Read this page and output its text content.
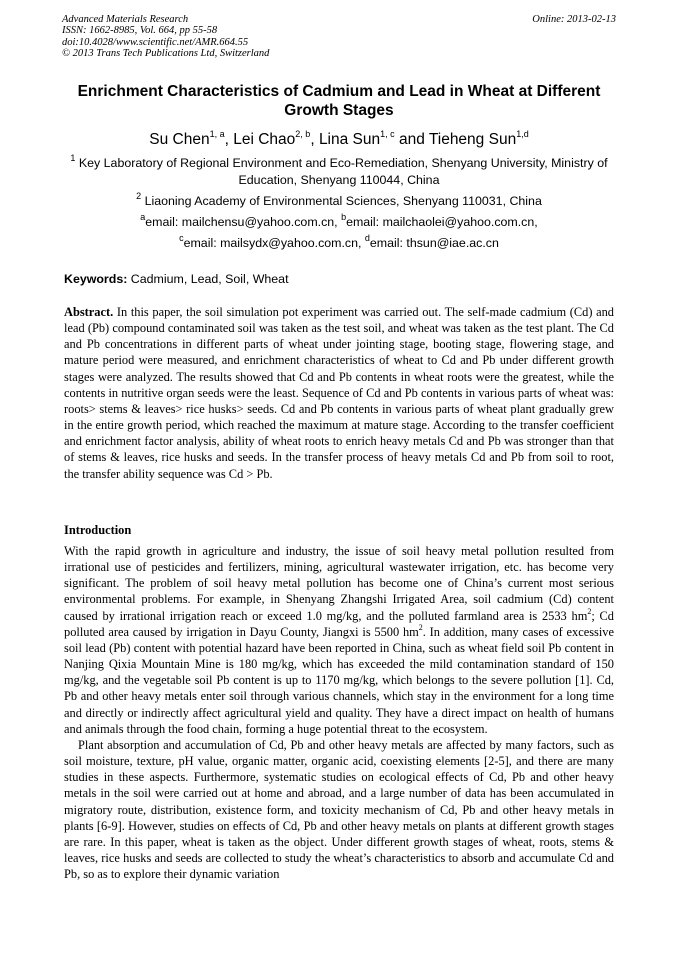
Advanced Materials Research
ISSN: 1662-8985, Vol. 664, pp 55-58
doi:10.4028/www.scientific.net/AMR.664.55
© 2013 Trans Tech Publications Ltd, Switzerland
Online: 2013-02-13
Enrichment Characteristics of Cadmium and Lead in Wheat at Different
Growth Stages
Su Chen$^{1, a}$, Lei Chao$^{2, b}$, Lina Sun$^{1, c}$ and Tieheng Sun$^{1,d}$
$^1$ Key Laboratory of Regional Environment and Eco-Remediation, Shenyang University, Ministry of
Education, Shenyang 110044, China
$^2$ Liaoning Academy of Environmental Sciences, Shenyang 110031, China
$^a$email: mailchensu@yahoo.com.cn, $^b$email: mailchaolei@yahoo.com.cn,
$^c$email: mailsydx@yahoo.com.cn, $^d$email: thsun@iae.ac.cn
Keywords: Cadmium, Lead, Soil, Wheat

Abstract. In this paper, the soil simulation pot experiment was carried out. The self-made cadmium (Cd) and lead (Pb) compound contaminated soil was taken as the test soil, and wheat was taken as the test plant. The Cd and Pb concentrations in different parts of wheat under jointing stage, booting stage, flowering stage, and mature period were measured, and enrichment characteristics of wheat to Cd and Pb under different growth stages were analyzed. The results showed that Cd and Pb contents in wheat roots were the greatest, while the contents in nutritive organ seeds were the least. Sequence of Cd and Pb contents in various parts of wheat was: roots> stems & leaves> rice husks> seeds. Cd and Pb contents in various parts of wheat plant gradually grew in the entire growth period, which reached the maximum at mature stage. According to the transfer coefficient and enrichment factor analysis, ability of wheat roots to enrich heavy metals Cd and Pb was stronger than that of stems & leaves, rice husks and seeds. In the transfer process of heavy metals Cd and Pb from soil to root, the transfer ability sequence was Cd > Pb.

Introduction

With the rapid growth in agriculture and industry, the issue of soil heavy metal pollution resulted from irrational use of pesticides and fertilizers, mining, agricultural wastewater irrigation, etc. has become very significant. The problem of soil heavy metal pollution has become one of China’s current most serious environmental problems. For example, in Shenyang Zhangshi Irrigated Area, soil cadmium (Cd) content caused by irrational irrigation reach or exceed 1.0 mg/kg, and the polluted farmland area is 2533 $hm^2$; Cd polluted area caused by irrigation in Dayu County, Jiangxi is 5500 $hm^2$. In addition, many cases of excessive soil lead (Pb) content with potential hazard have been reported in China, such as wheat field soil Pb content in Nanjing Qixia Mountain Mine is 180 mg/kg, which has exceeded the mild contamination standard of 150 mg/kg, and the vegetable soil Pb content is up to 1170 mg/kg, which belongs to the severe pollution [1]. Cd, Pb and other heavy metals enter soil through various channels, which stay in the environment for a long time and directly or indirectly affect agricultural yield and quality. They have a direct impact on health of humans and animals through the food chain, forming a huge potential threat to the ecosystem.

Plant absorption and accumulation of Cd, Pb and other heavy metals are affected by many factors, such as soil moisture, texture, pH value, organic matter, organic acid, coexisting elements [2-5], and there are many studies in these aspects. Furthermore, systematic studies on ecological effects of Cd, Pb and other heavy metals in the soil were carried out at home and abroad, and a large number of data has been accumulated in migratory route, distribution, existence form, and toxicity mechanism of Cd, Pb and other heavy metals in plants [6-9]. However, studies on effects of Cd, Pb and other heavy metals on plants at different growth stages are rare. In this paper, wheat is taken as the object. Under different growth stages of wheat, roots, stems & leaves, rice husks and seeds are collected to study the wheat’s characteristics to absorb and accumulate Cd and Pb, so as to explore their dynamic variation
